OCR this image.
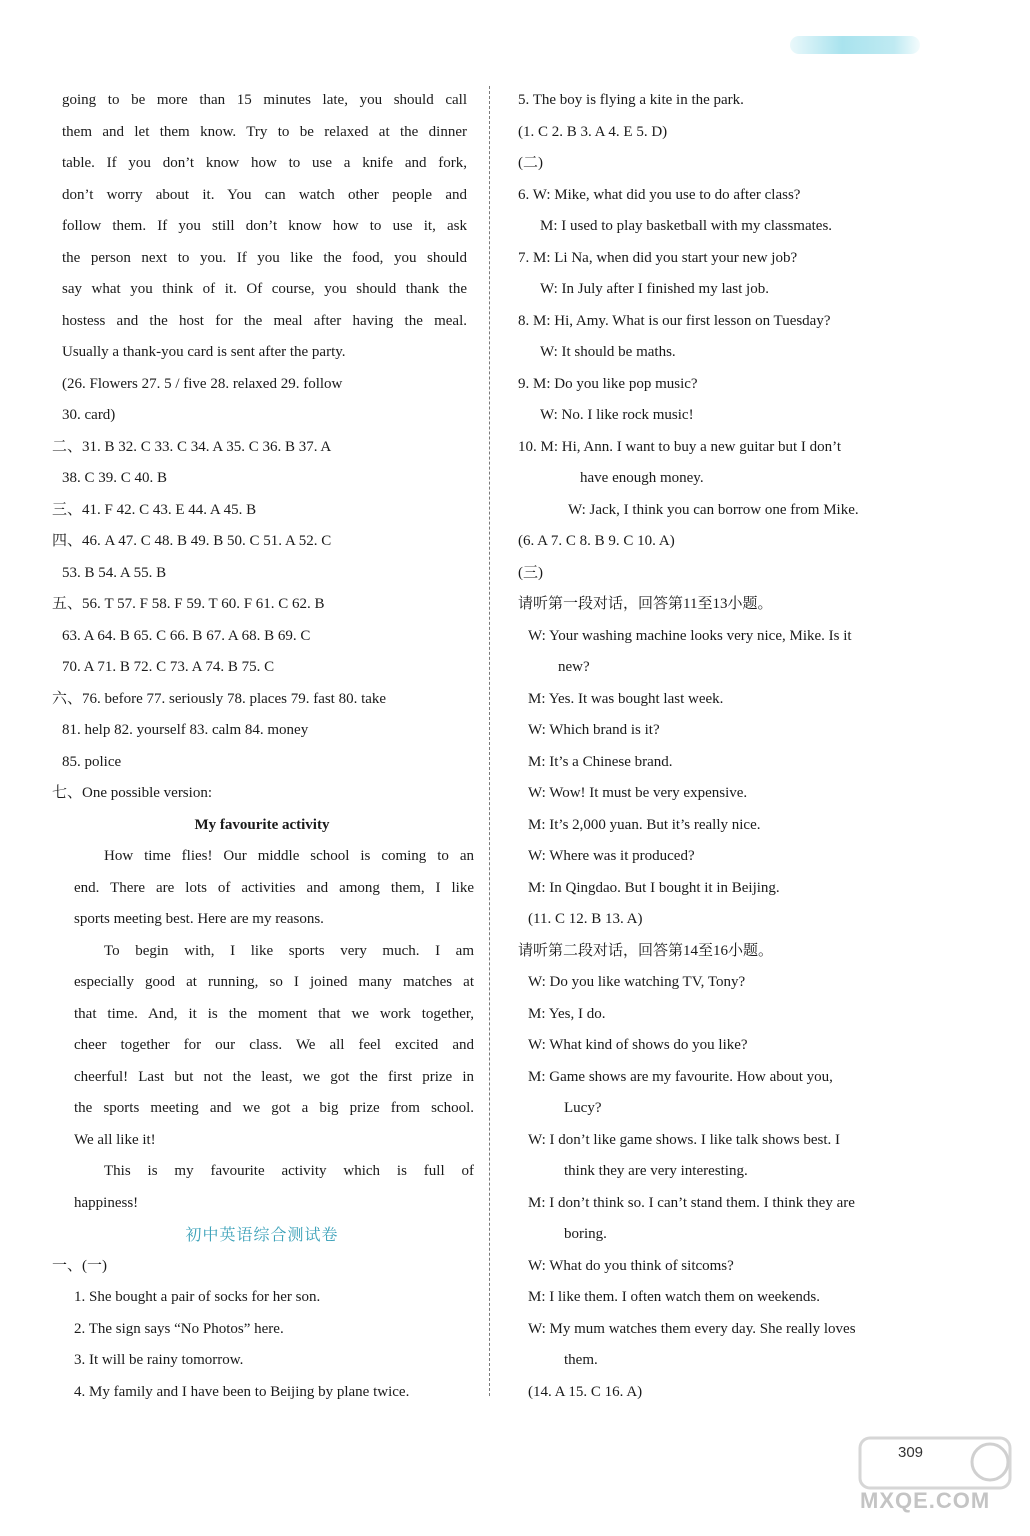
going to be more than 15 minutes late, you should call
them and let them know. Try to be relaxed at the dinner
table. If you don’t know how to use a knife and fork,
don’t worry about it. You can watch other people and
follow them. If you still don’t know how to use it, ask
the person next to you. If you like the food, you should
say what you think of it. Of course, you should thank the
hostess and the host for the meal after having the meal.
Usually a thank-you card is sent after the party.
(26. Flowers 27. 5 / five 28. relaxed 29. follow
30. card)
二、31. B 32. C 33. C 34. A 35. C 36. B 37. A
38. C 39. C 40. B
三、41. F 42. C 43. E 44. A 45. B
四、46. A 47. C 48. B 49. B 50. C 51. A 52. C
53. B 54. A 55. B
五、56. T 57. F 58. F 59. T 60. F 61. C 62. B
63. A 64. B 65. C 66. B 67. A 68. B 69. C
70. A 71. B 72. C 73. A 74. B 75. C
六、76. before 77. seriously 78. places 79. fast 80. take
81. help 82. yourself 83. calm 84. money
85. police
七、One possible version:
My favourite activity
How time flies! Our middle school is coming to an
end. There are lots of activities and among them, I like
sports meeting best. Here are my reasons.
To begin with, I like sports very much. I am
especially good at running, so I joined many matches at
that time. And, it is the moment that we work together,
cheer together for our class. We all feel excited and
cheerful! Last but not the least, we got the first prize in
the sports meeting and we got a big prize from school.
We all like it!
This is my favourite activity which is full of
happiness!
初中英语综合测试卷
一、(一)
1. She bought a pair of socks for her son.
2. The sign says “No Photos” here.
3. It will be rainy tomorrow.
4. My family and I have been to Beijing by plane twice.
5. The boy is flying a kite in the park.
(1. C 2. B 3. A 4. E 5. D)
(二)
6. W: Mike, what did you use to do after class?
M: I used to play basketball with my classmates.
7. M: Li Na, when did you start your new job?
W: In July after I finished my last job.
8. M: Hi, Amy. What is our first lesson on Tuesday?
W: It should be maths.
9. M: Do you like pop music?
W: No. I like rock music!
10. M: Hi, Ann. I want to buy a new guitar but I don’t
have enough money.
W: Jack, I think you can borrow one from Mike.
(6. A 7. C 8. B 9. C 10. A)
(三)
请听第一段对话，回答第11至13小题。
W: Your washing machine looks very nice, Mike. Is it
new?
M: Yes. It was bought last week.
W: Which brand is it?
M: It’s a Chinese brand.
W: Wow! It must be very expensive.
M: It’s 2,000 yuan. But it’s really nice.
W: Where was it produced?
M: In Qingdao. But I bought it in Beijing.
(11. C 12. B 13. A)
请听第二段对话，回答第14至16小题。
W: Do you like watching TV, Tony?
M: Yes, I do.
W: What kind of shows do you like?
M: Game shows are my favourite. How about you,
Lucy?
W: I don’t like game shows. I like talk shows best. I
think they are very interesting.
M: I don’t think so. I can’t stand them. I think they are
boring.
W: What do you think of sitcoms?
M: I like them. I often watch them on weekends.
W: My mum watches them every day. She really loves
them.
(14. A 15. C 16. A)
309
MXQE.COM
